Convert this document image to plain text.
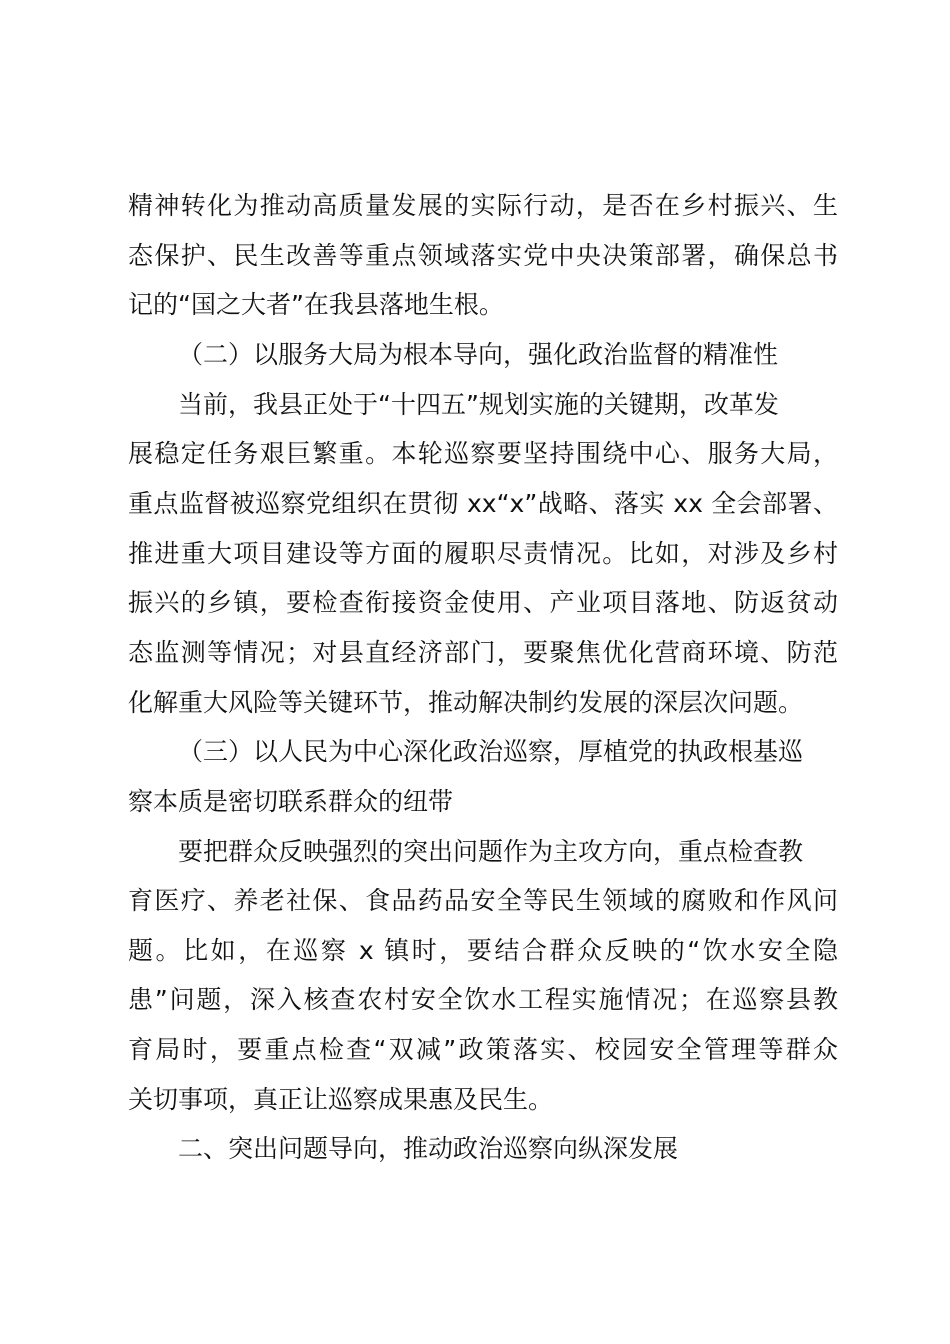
精神转化为推动高质量发展的实际行动，是否在乡村振兴、生
态保护、民生改善等重点领域落实党中央决策部署，确保总书
记的“国之大者”在我县落地生根。
（二）以服务大局为根本导向，强化政治监督的精准性
当前，我县正处于“十四五”规划实施的关键期，改革发
展稳定任务艰巨繁重。本轮巡察要坚持围绕中心、服务大局，
重点监督被巡察党组织在贯彻 xx“x”战略、落实 xx 全会部署、
推进重大项目建设等方面的履职尽责情况。比如，对涉及乡村
振兴的乡镇，要检查衔接资金使用、产业项目落地、防返贫动
态监测等情况；对县直经济部门，要聚焦优化营商环境、防范
化解重大风险等关键环节，推动解决制约发展的深层次问题。
（三）以人民为中心深化政治巡察，厚植党的执政根基巡
察本质是密切联系群众的纽带
要把群众反映强烈的突出问题作为主攻方向，重点检查教
育医疗、养老社保、食品药品安全等民生领域的腐败和作风问
题。比如，在巡察 x 镇时，要结合群众反映的“饮水安全隐
患”问题，深入核查农村安全饮水工程实施情况；在巡察县教
育局时，要重点检查“双减”政策落实、校园安全管理等群众
关切事项，真正让巡察成果惠及民生。
二、突出问题导向，推动政治巡察向纵深发展
